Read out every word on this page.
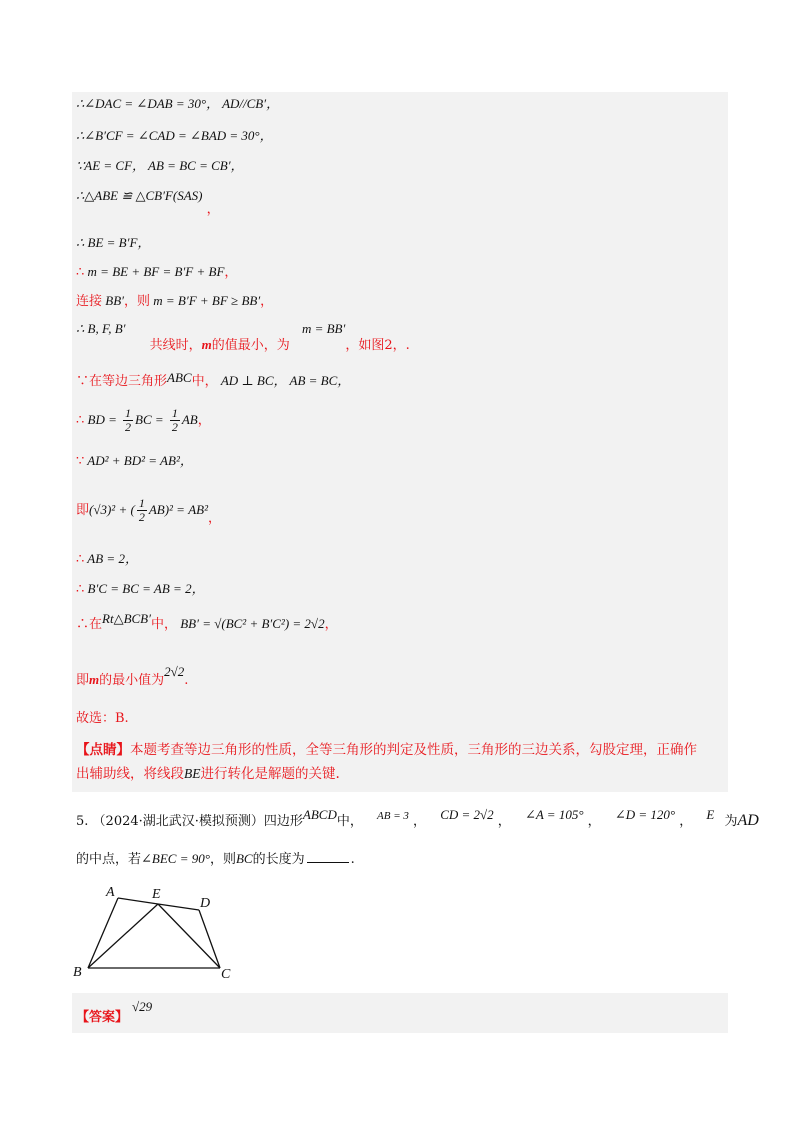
∴∠DAC = ∠DAB = 30°， AD//CB′，
∴∠B′CF = ∠CAD = ∠BAD = 30°，
∵AE = CF， AB = BC = CB′，
∴△ABE ≌ △CB′F(SAS) ，
∴ BE = B′F，
∴ m = BE + BF = B′F + BF，
连接 BB′，则 m = B′F + BF ≥ BB′，
∴ B, F, B′ 共线时，m的值最小，为 m = BB′，如图2，.
∵在等边三角形ABC中， AD ⊥ BC， AB = BC，
∴ BD = $\frac{1}{2}$ BC = $\frac{1}{2}$ AB，
∵ AD² + BD² = AB²，
即(√3)² + ( $\frac{1}{2} AB)^2 = AB^2$，
∴ AB = 2，
∴ B′C = BC = AB = 2，
∴在Rt△BCB′中， BB′ = √(BC² + B′C²) = 2√2，
即m的最小值为2√2.
故选：B.
【点睛】本题考查等边三角形的性质，全等三角形的判定及性质，三角形的三边关系，勾股定理，正确作
出辅助线，将线段BE进行转化是解题的关键.
5. （2024·湖北武汉·模拟预测）四边形ABCD中， AB = 3 ， CD = 2√2 ， ∠A = 105° ， ∠D = 120° ， E 为AD
的中点，若∠BEC = 90°，则BC的长度为	.
A	E
D
B	C
【答案】√29
